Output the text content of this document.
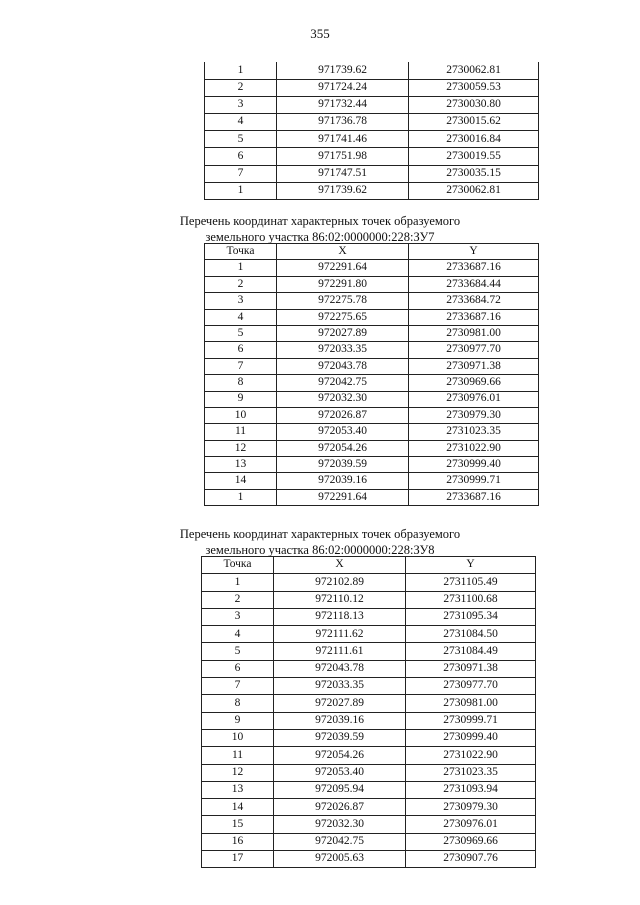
355
1	971739.62	2730062.81
2	971724.24	2730059.53
3	971732.44	2730030.80
4	971736.78	2730015.62
5	971741.46	2730016.84
6	971751.98	2730019.55
7	971747.51	2730035.15
1	971739.62	2730062.81
Перечень координат характерных точек образуемого
земельного участка 86:02:0000000:228:ЗУ7
Точка	X	Y
1	972291.64	2733687.16
2	972291.80	2733684.44
3	972275.78	2733684.72
4	972275.65	2733687.16
5	972027.89	2730981.00
6	972033.35	2730977.70
7	972043.78	2730971.38
8	972042.75	2730969.66
9	972032.30	2730976.01
10	972026.87	2730979.30
11	972053.40	2731023.35
12	972054.26	2731022.90
13	972039.59	2730999.40
14	972039.16	2730999.71
1	972291.64	2733687.16
Перечень координат характерных точек образуемого
земельного участка 86:02:0000000:228:ЗУ8
Точка	X	Y
1	972102.89	2731105.49
2	972110.12	2731100.68
3	972118.13	2731095.34
4	972111.62	2731084.50
5	972111.61	2731084.49
6	972043.78	2730971.38
7	972033.35	2730977.70
8	972027.89	2730981.00
9	972039.16	2730999.71
10	972039.59	2730999.40
11	972054.26	2731022.90
12	972053.40	2731023.35
13	972095.94	2731093.94
14	972026.87	2730979.30
15	972032.30	2730976.01
16	972042.75	2730969.66
17	972005.63	2730907.76
